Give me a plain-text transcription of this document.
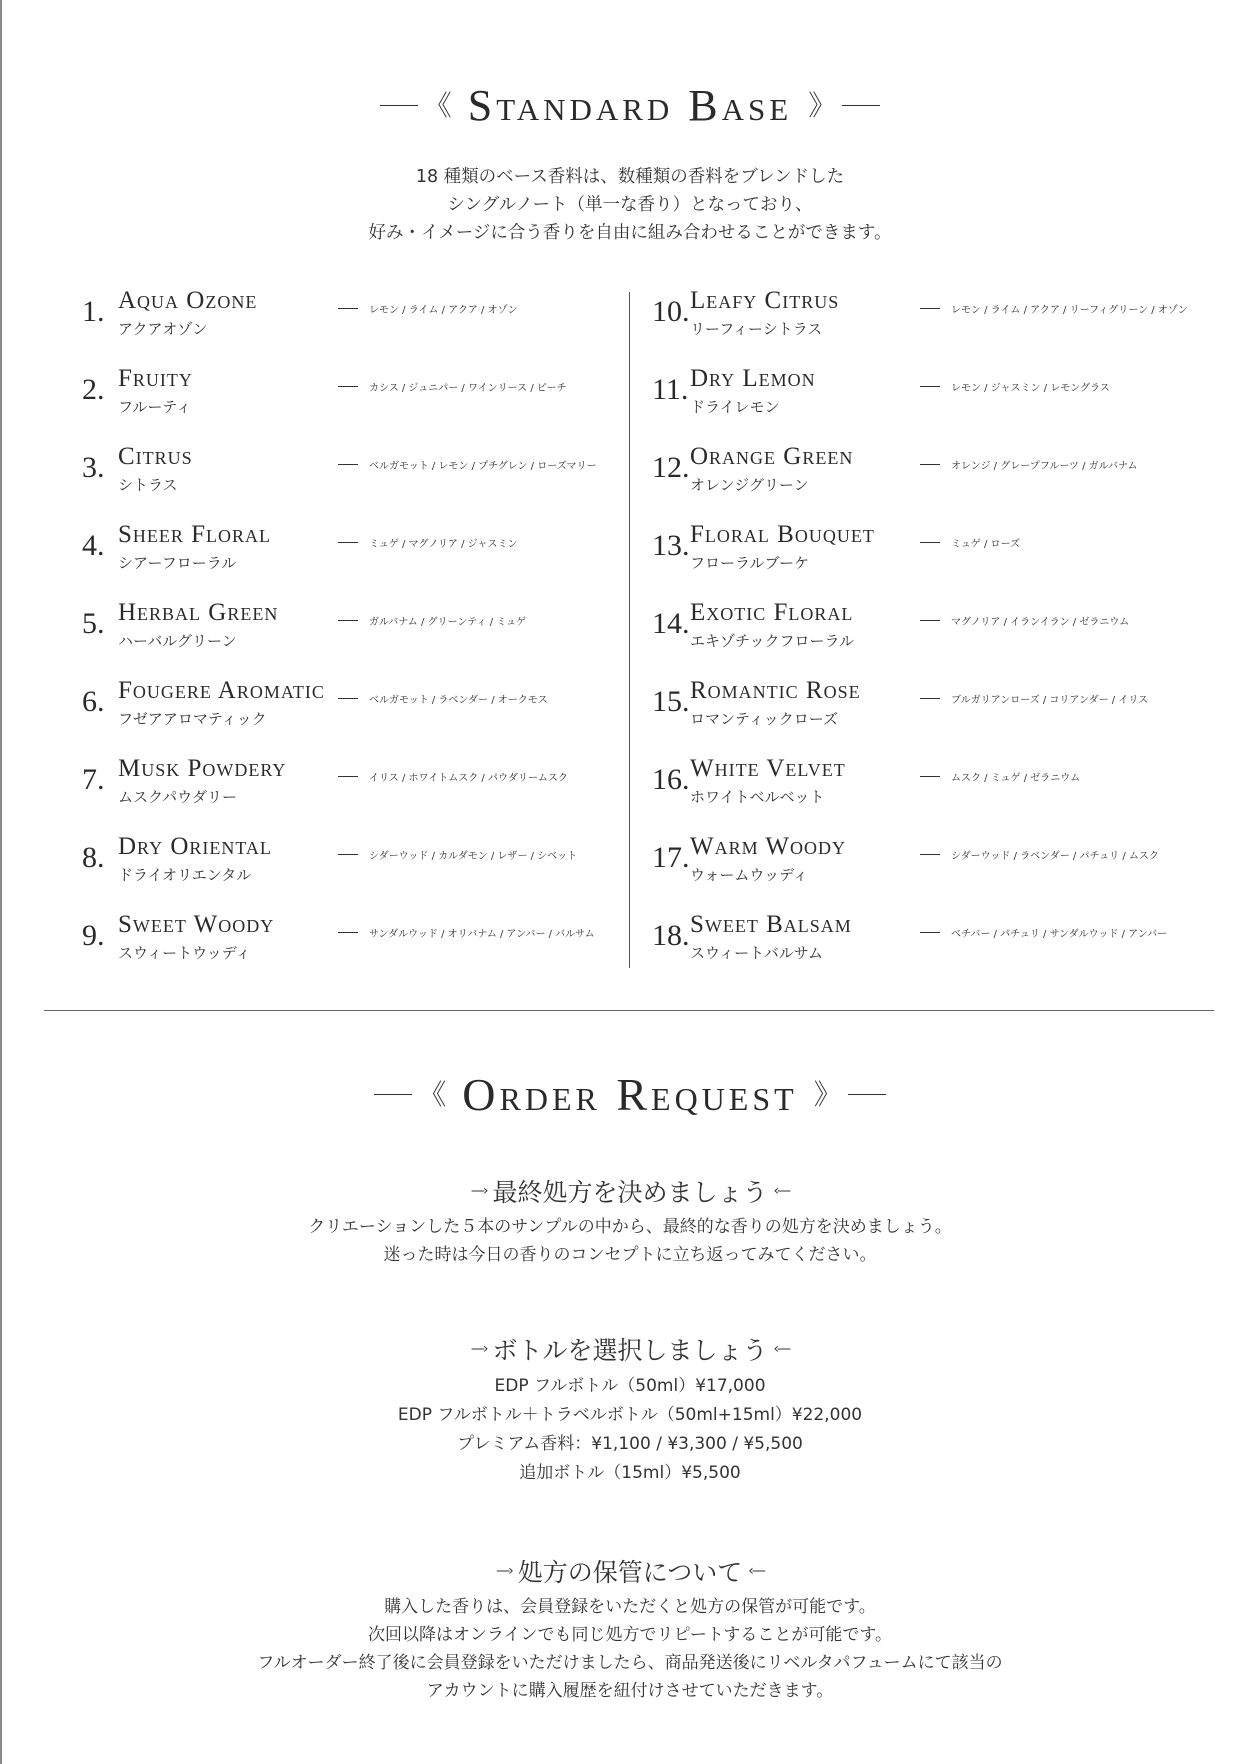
《 Standard Base 》
18 種類のベース香料は、数種類の香料をブレンドした
シングルノート（単一な香り）となっており、
好み・イメージに合う香りを自由に組み合わせることができます。
1. Aqua Ozone
アクアオゾン
レモン / ライム / アクア / オゾン
2. Fruity
フルーティ
カシス / ジュニパー / ワインリース / ピーチ
3. Citrus
シトラス
ベルガモット / レモン / プチグレン / ローズマリー
4. Sheer Floral
シアーフローラル
ミュゲ / マグノリア / ジャスミン
5. Herbal Green
ハーバルグリーン
ガルバナム / グリーンティ / ミュゲ
6. Fougere Aromatic
フゼアアロマティック
ベルガモット / ラベンダー / オークモス
7. Musk Powdery
ムスクパウダリー
イリス / ホワイトムスク / パウダリームスク
8. Dry Oriental
ドライオリエンタル
シダーウッド / カルダモン / レザー / シベット
9. Sweet Woody
スウィートウッディ
サンダルウッド / オリバナム / アンバー / バルサム
10. Leafy Citrus
リーフィーシトラス
レモン / ライム / アクア / リーフィグリーン / オゾン
11. Dry Lemon
ドライレモン
レモン / ジャスミン / レモングラス
12. Orange Green
オレンジグリーン
オレンジ / グレープフルーツ / ガルバナム
13. Floral Bouquet
フローラルブーケ
ミュゲ / ローズ
14. Exotic Floral
エキゾチックフローラル
マグノリア / イランイラン / ゼラニウム
15. Romantic Rose
ロマンティックローズ
ブルガリアンローズ / コリアンダー / イリス
16. White Velvet
ホワイトベルベット
ムスク / ミュゲ / ゼラニウム
17. Warm Woody
ウォームウッディ
シダーウッド / ラベンダー / パチュリ / ムスク
18. Sweet Balsam
スウィートバルサム
ベチバー / パチュリ / サンダルウッド / アンバー
《 Order Request 》
—› 最終処方を決めましょう ‹—
クリエーションした５本のサンプルの中から、最終的な香りの処方を決めましょう。
迷った時は今日の香りのコンセプトに立ち返ってみてください。
—› ボトルを選択しましょう ‹—
EDP フルボトル（50ml）¥17,000
EDP フルボトル＋トラベルボトル（50ml+15ml）¥22,000
プレミアム香料：¥1,100 / ¥3,300 / ¥5,500
追加ボトル（15ml）¥5,500
—› 処方の保管について ‹—
購入した香りは、会員登録をいただくと処方の保管が可能です。
次回以降はオンラインでも同じ処方でリピートすることが可能です。
フルオーダー終了後に会員登録をいただけましたら、商品発送後にリベルタパフュームにて該当の
アカウントに購入履歴を紐付けさせていただきます。
